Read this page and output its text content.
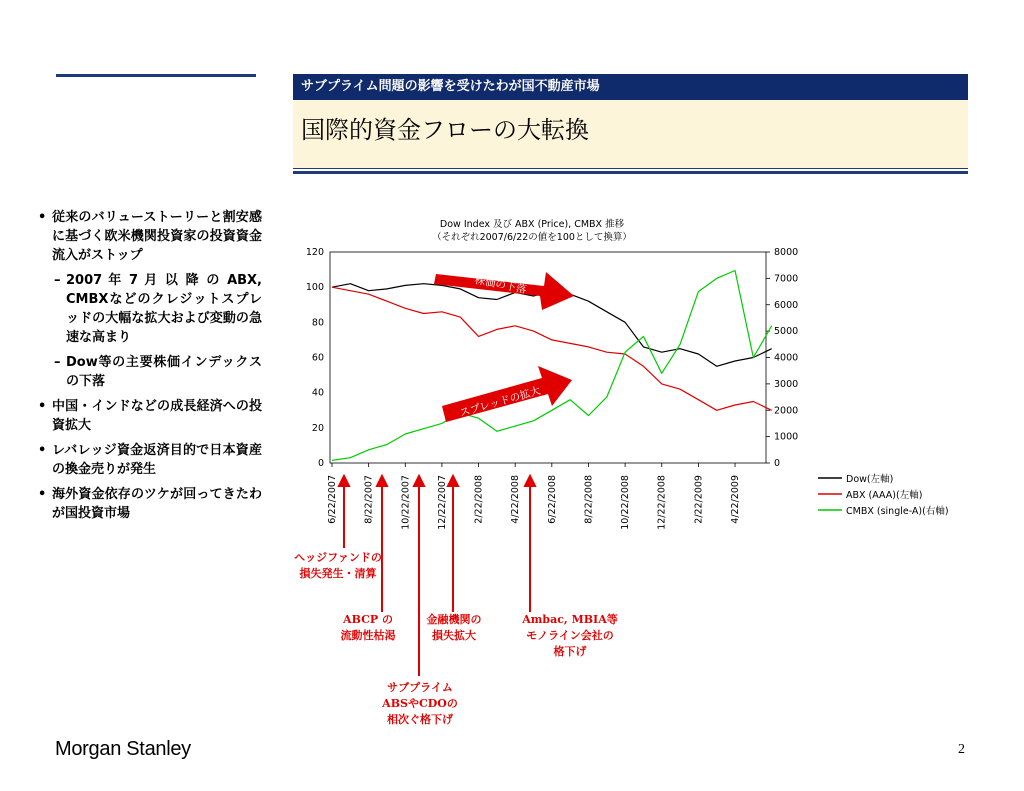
サブプライム問題の影響を受けたわが国不動産市場
国際的資金フローの大転換
• 従来のバリューストーリーと割安感に基づく欧米機関投資家の投資資金流入がストップ
– 2007 年 7 月 以 降 の ABX, CMBXなどのクレジットスプレッドの大幅な拡大および変動の急速な高まり
– Dow等の主要株価インデックスの下落
• 中国・インドなどの成長経済への投資拡大
• レバレッジ資金返済目的で日本資産の換金売りが発生
• 海外資金依存のツケが回ってきたわが国投資市場
Dow Index 及び ABX (Price), CMBX 推移
（それぞれ2007/6/22の値を100として換算）
0
20
40
60
80
100
120
0
1000
2000
3000
4000
5000
6000
7000
8000
6/22/2007	8/22/2007	10/22/2007	12/22/2007	2/22/2008	4/22/2008	6/22/2008	8/22/2008	10/22/2008	12/22/2008	2/22/2009	4/22/2009
株価の下落
スプレッドの拡大
Dow(左軸)
ABX (AAA)(左軸)
CMBX (single-A)(右軸)
ヘッジファンドの
損失発生・清算
ABCP の
流動性枯渇
サブプライム
ABSやCDOの
相次ぐ格下げ
金融機関の
損失拡大
Ambac, MBIA等
モノライン会社の
格下げ
Morgan Stanley	2
